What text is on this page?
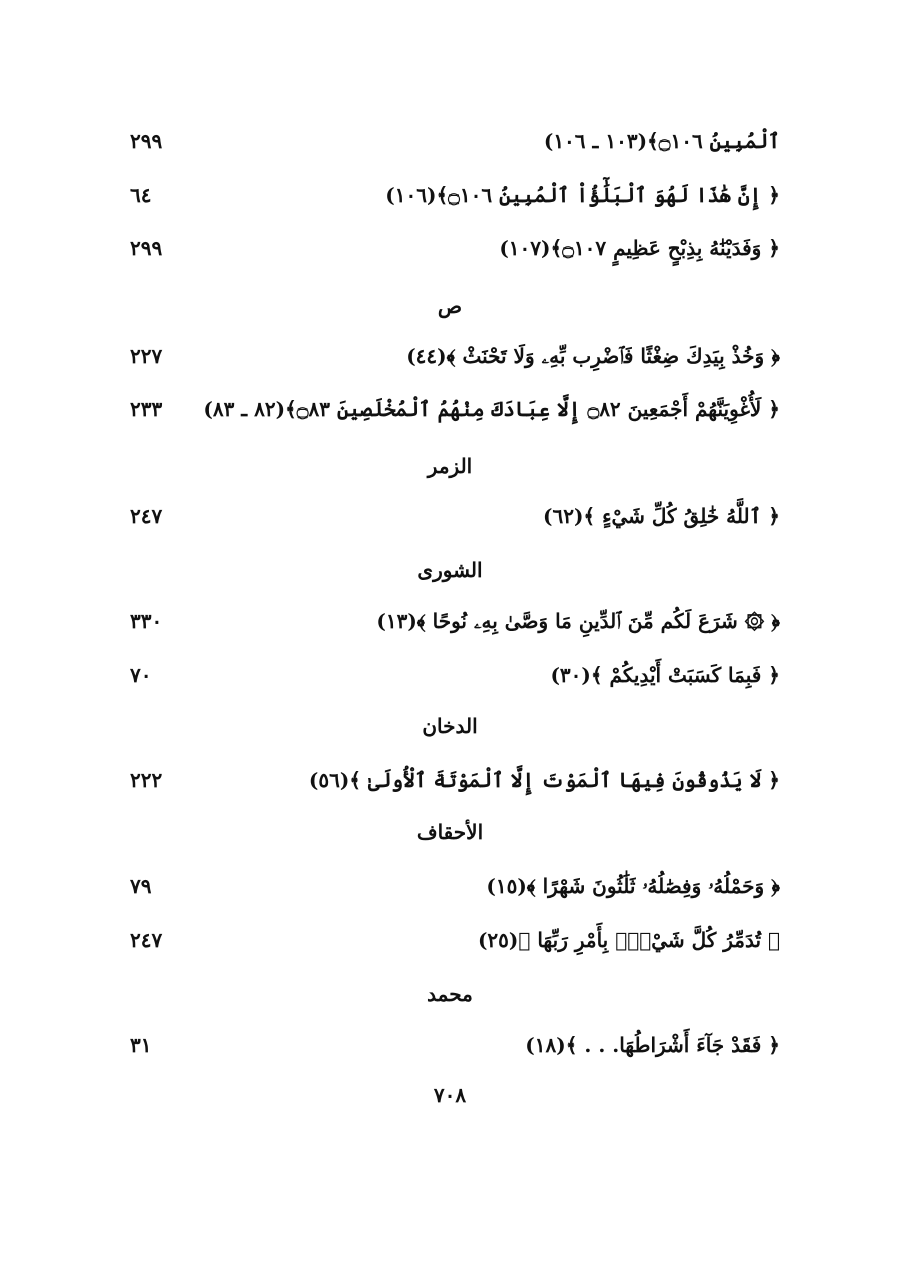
ٱلْمُبِينُ ۝١٠٦﴾(١٠٣ ـ ١٠٦)
٢٩٩
﴿ إِنَّ هَٰذَا لَهُوَ ٱلْبَلَٰٓؤُاْ ٱلْمُبِينُ ۝١٠٦﴾(١٠٦)
٦٤
﴿ وَفَدَيْنَٰهُ بِذِبْحٍ عَظِيمٍ ۝١٠٧﴾(١٠٧)
٢٩٩
ص
﴿ وَخُذْ بِيَدِكَ ضِغْثًا فَٱضْرِب بِّهِۦ وَلَا تَحْنَثْ ﴾(٤٤)
٢٢٧
﴿ لَأُغْوِيَنَّهُمْ أَجْمَعِينَ ۝٨٢ إِلَّا عِبَادَكَ مِنْهُمُ ٱلْمُخْلَصِينَ ۝٨٣﴾(٨٢ ـ ٨٣)
٢٣٣
الزمر
﴿ ٱللَّهُ خَٰلِقُ كُلِّ شَيْءٍ ﴾(٦٢)
٢٤٧
الشورى
﴿ ۞ شَرَعَ لَكُم مِّنَ ٱلدِّينِ مَا وَصَّىٰ بِهِۦ نُوحًا ﴾(١٣)
٣٣٠
﴿ فَبِمَا كَسَبَتْ أَيْدِيكُمْ ﴾(٣٠)
٧٠
الدخان
﴿ لَا يَذُوقُونَ فِيهَا ٱلْمَوْتَ إِلَّا ٱلْمَوْتَةَ ٱلْأُولَىٰ ﴾(٥٦)
٢٢٢
الأحقاف
﴿ وَحَمْلُهُۥ وَفِصَٰلُهُۥ ثَلَٰثُونَ شَهْرًا ﴾(١٥)
٧٩
﴿ تُدَمِّرُ كُلَّ شَيْءٍۭ بِأَمْرِ رَبِّهَا ﴾(٢٥)
٢٤٧
محمد
﴿ فَقَدْ جَآءَ أَشْرَاطُهَا. . . ﴾(١٨)
٣١
٧٠٨
